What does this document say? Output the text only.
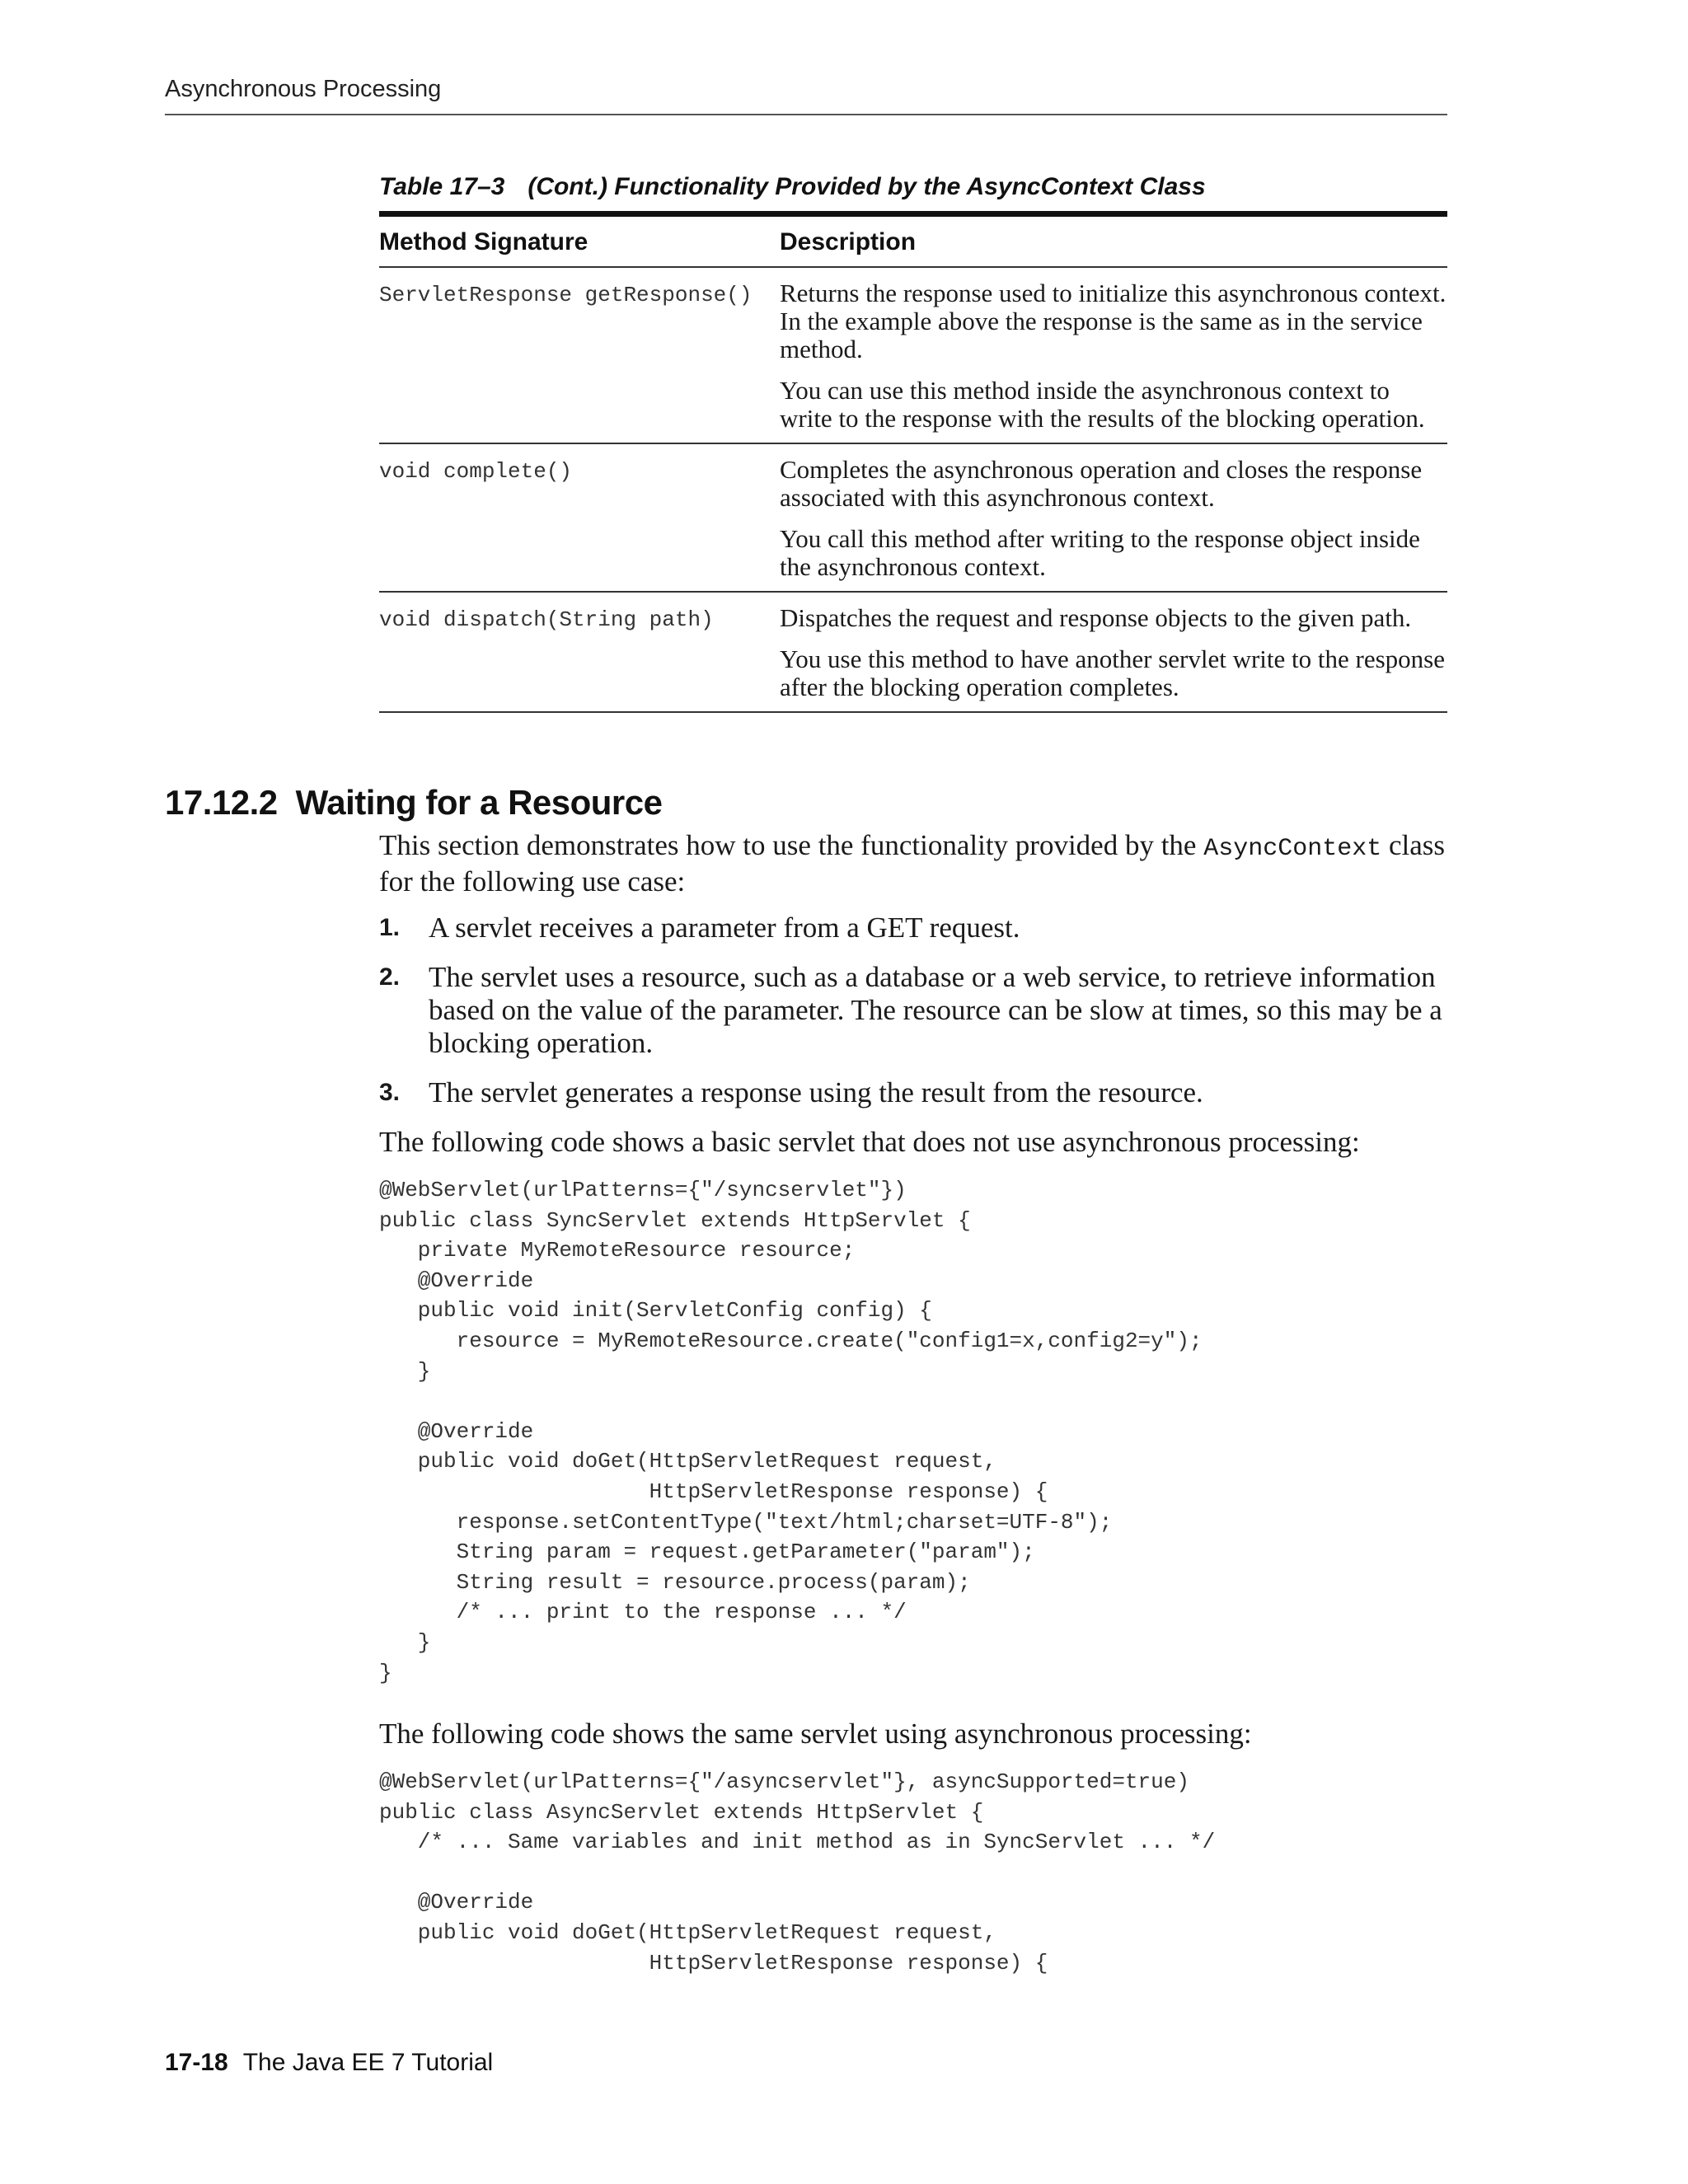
Asynchronous Processing
Table 17–3 (Cont.) Functionality Provided by the AsyncContext Class
Method Signature	Description

ServletResponse getResponse()	Returns the response used to initialize this asynchronous context. In the example above the response is the same as in the service method.

You can use this method inside the asynchronous context to write to the response with the results of the blocking operation.

void complete()	Completes the asynchronous operation and closes the response associated with this asynchronous context.

You call this method after writing to the response object inside the asynchronous context.

void dispatch(String path)	Dispatches the request and response objects to the given path.

You use this method to have another servlet write to the response after the blocking operation completes.

17.12.2 Waiting for a Resource
This section demonstrates how to use the functionality provided by the AsyncContext class for the following use case:
1. A servlet receives a parameter from a GET request.
2. The servlet uses a resource, such as a database or a web service, to retrieve information based on the value of the parameter. The resource can be slow at times, so this may be a blocking operation.
3. The servlet generates a response using the result from the resource.
The following code shows a basic servlet that does not use asynchronous processing:
@WebServlet(urlPatterns={"/syncservlet"})
public class SyncServlet extends HttpServlet {
private MyRemoteResource resource;
@Override
public void init(ServletConfig config) {
resource = MyRemoteResource.create("config1=x,config2=y");
}

@Override
public void doGet(HttpServletRequest request,
HttpServletResponse response) {
response.setContentType("text/html;charset=UTF-8");
String param = request.getParameter("param");
String result = resource.process(param);
/* ... print to the response ... */
}
}
The following code shows the same servlet using asynchronous processing:
@WebServlet(urlPatterns={"/asyncservlet"}, asyncSupported=true)
public class AsyncServlet extends HttpServlet {
/* ... Same variables and init method as in SyncServlet ... */

@Override
public void doGet(HttpServletRequest request,
HttpServletResponse response) {
17-18 The Java EE 7 Tutorial
